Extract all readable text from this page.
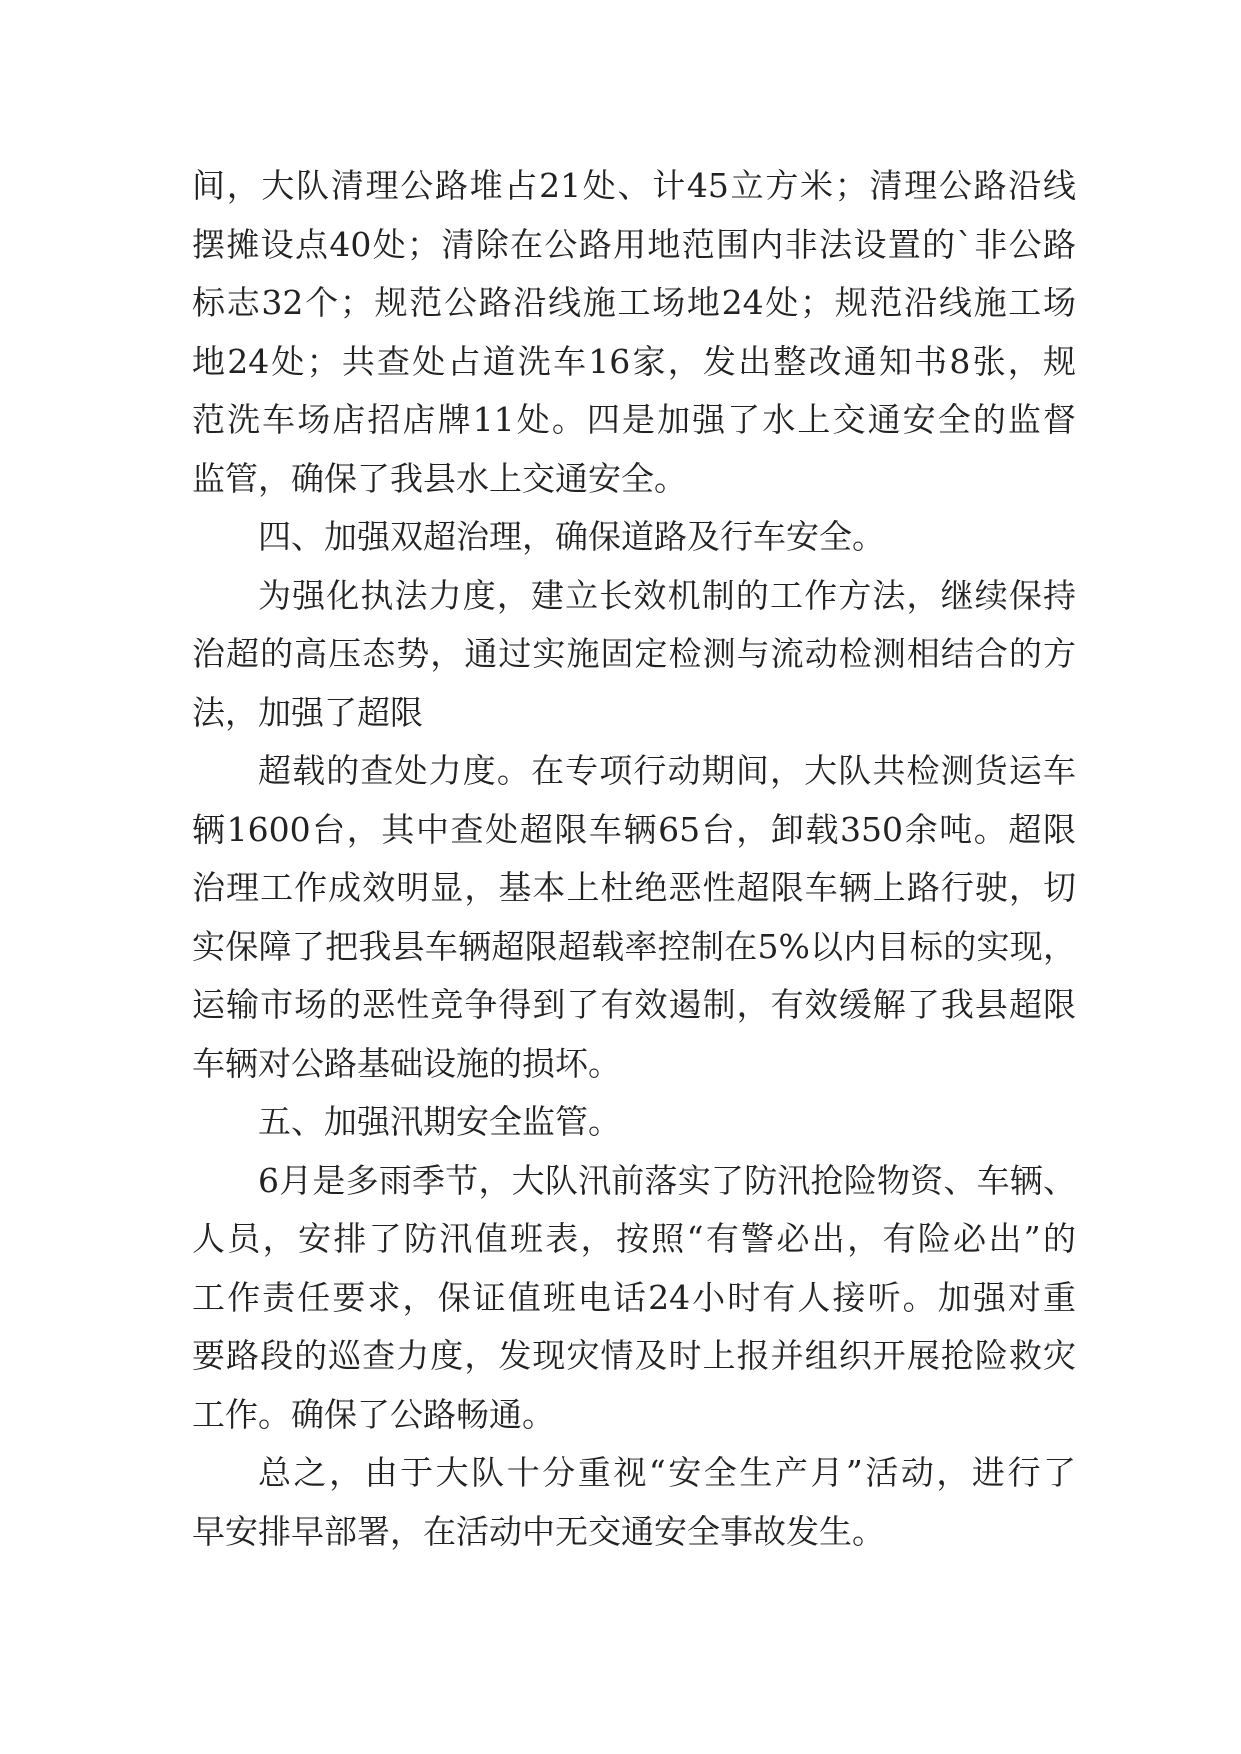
间，大队清理公路堆占21处、计45立方米；清理公路沿线
摆摊设点40处；清除在公路用地范围内非法设置的`非公路
标志32个；规范公路沿线施工场地24处；规范沿线施工场
地24处；共查处占道洗车16家，发出整改通知书8张，规
范洗车场店招店牌11处。四是加强了水上交通安全的监督
监管，确保了我县水上交通安全。
四、加强双超治理，确保道路及行车安全。
为强化执法力度，建立长效机制的工作方法，继续保持
治超的高压态势，通过实施固定检测与流动检测相结合的方
法，加强了超限
超载的查处力度。在专项行动期间，大队共检测货运车
辆1600台，其中查处超限车辆65台，卸载350余吨。超限
治理工作成效明显，基本上杜绝恶性超限车辆上路行驶，切
实保障了把我县车辆超限超载率控制在5%以内目标的实现，
运输市场的恶性竞争得到了有效遏制，有效缓解了我县超限
车辆对公路基础设施的损坏。
五、加强汛期安全监管。
6月是多雨季节，大队汛前落实了防汛抢险物资、车辆、
人员，安排了防汛值班表，按照“有警必出，有险必出”的
工作责任要求，保证值班电话24小时有人接听。加强对重
要路段的巡查力度，发现灾情及时上报并组织开展抢险救灾
工作。确保了公路畅通。
总之，由于大队十分重视“安全生产月”活动，进行了
早安排早部署，在活动中无交通安全事故发生。
